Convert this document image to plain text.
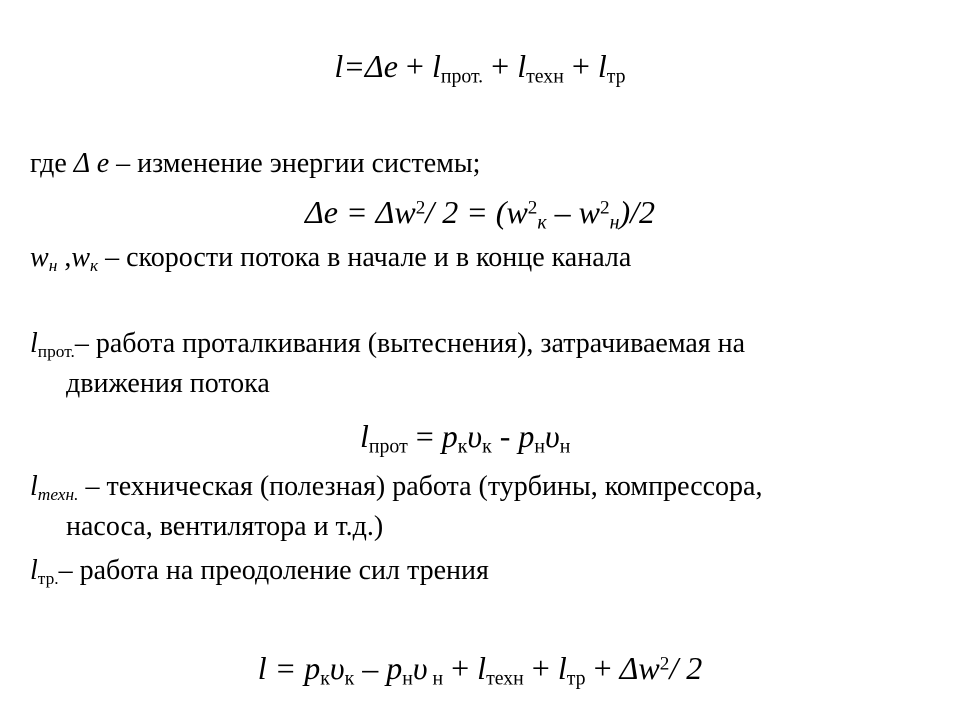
$l=\Delta e + l_{прот.} + l_{техн} + l_{тр}$
где Δ e – изменение энергии системы;
$\Delta e = \Delta w^2/$ $2 = (w^2_к - w^2_н)/2$
$w_н$ $,w_к$ – скорости потока в начале и в конце канала
$l_{прот.}-$ работа проталкивания (вытеснения), затрачиваемая на
движения потока
$l_{прот} = p_к\upsilon_к - p_н\upsilon_н$
$l_{техн.}$ – техническая (полезная) работа (турбины, компрессора,
насоса, вентилятора и т.д.)
$l_{тр.}-$ работа на преодоление сил трения
$l = p_к\upsilon_к - p_н\upsilon$ $_н + l_{техн} + l_{тр} + \Delta w^2/$ 2
